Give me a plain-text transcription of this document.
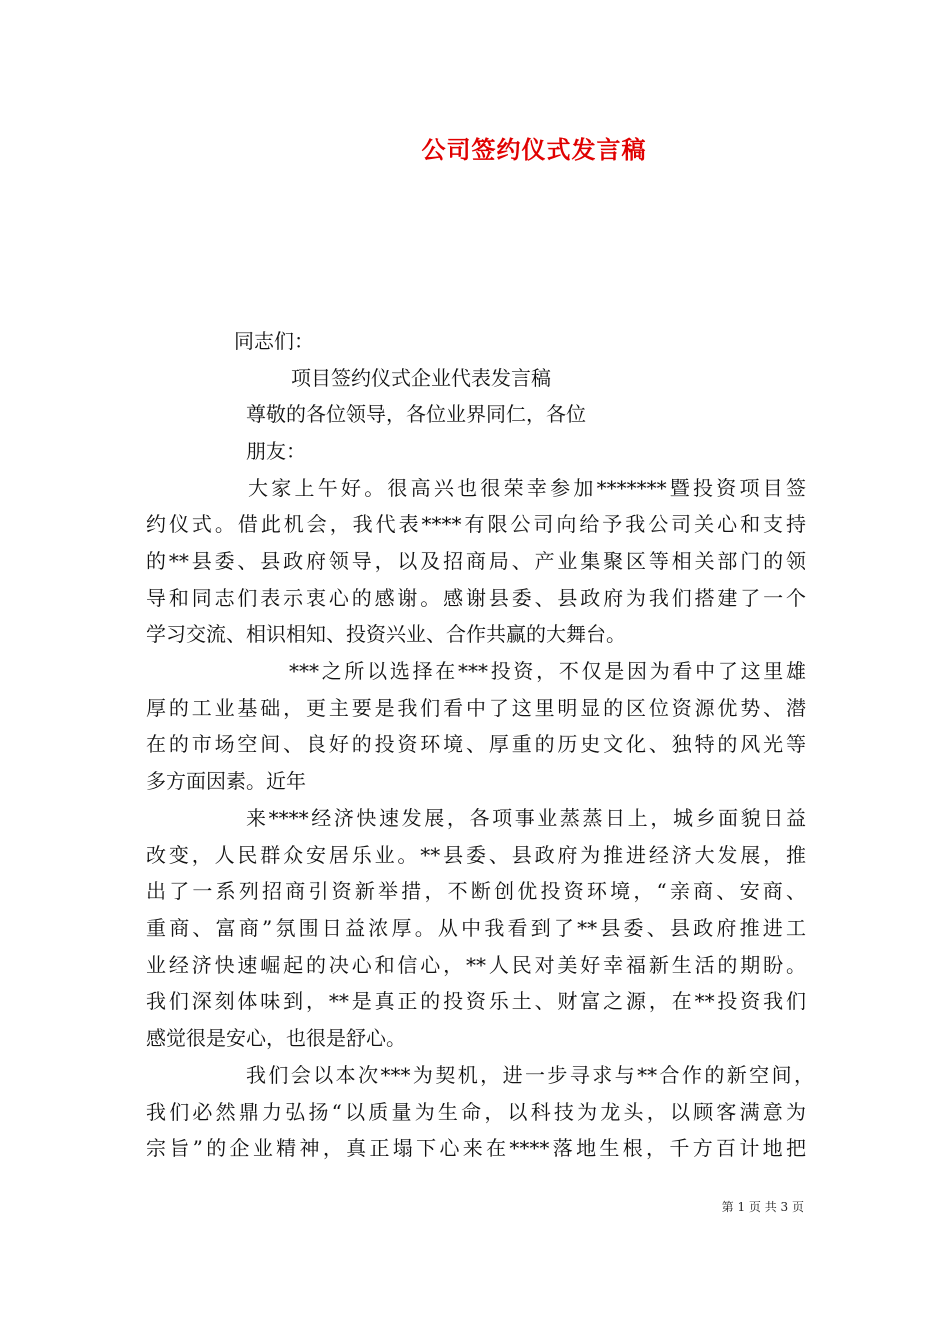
公司签约仪式发言稿
同志们：
项目签约仪式企业代表发言稿
尊敬的各位领导，各位业界同仁，各位
朋友：
大家上午好。很高兴也很荣幸参加*******暨投资项目签
约仪式。借此机会，我代表****有限公司向给予我公司关心和支持
的**县委、县政府领导，以及招商局、产业集聚区等相关部门的领
导和同志们表示衷心的感谢。感谢县委、县政府为我们搭建了一个
学习交流、相识相知、投资兴业、合作共赢的大舞台。
***之所以选择在***投资，不仅是因为看中了这里雄
厚的工业基础，更主要是我们看中了这里明显的区位资源优势、潜
在的市场空间、良好的投资环境、厚重的历史文化、独特的风光等
多方面因素。近年
来****经济快速发展，各项事业蒸蒸日上，城乡面貌日益
改变，人民群众安居乐业。**县委、县政府为推进经济大发展，推
出了一系列招商引资新举措，不断创优投资环境，“亲商、安商、
重商、富商”氛围日益浓厚。从中我看到了**县委、县政府推进工
业经济快速崛起的决心和信心，**人民对美好幸福新生活的期盼。
我们深刻体味到，**是真正的投资乐土、财富之源，在**投资我们
感觉很是安心，也很是舒心。
我们会以本次***为契机，进一步寻求与**合作的新空间，
我们必然鼎力弘扬“以质量为生命，以科技为龙头，以顾客满意为
宗旨”的企业精神，真正塌下心来在****落地生根，千方百计地把
第 1 页 共 3 页
